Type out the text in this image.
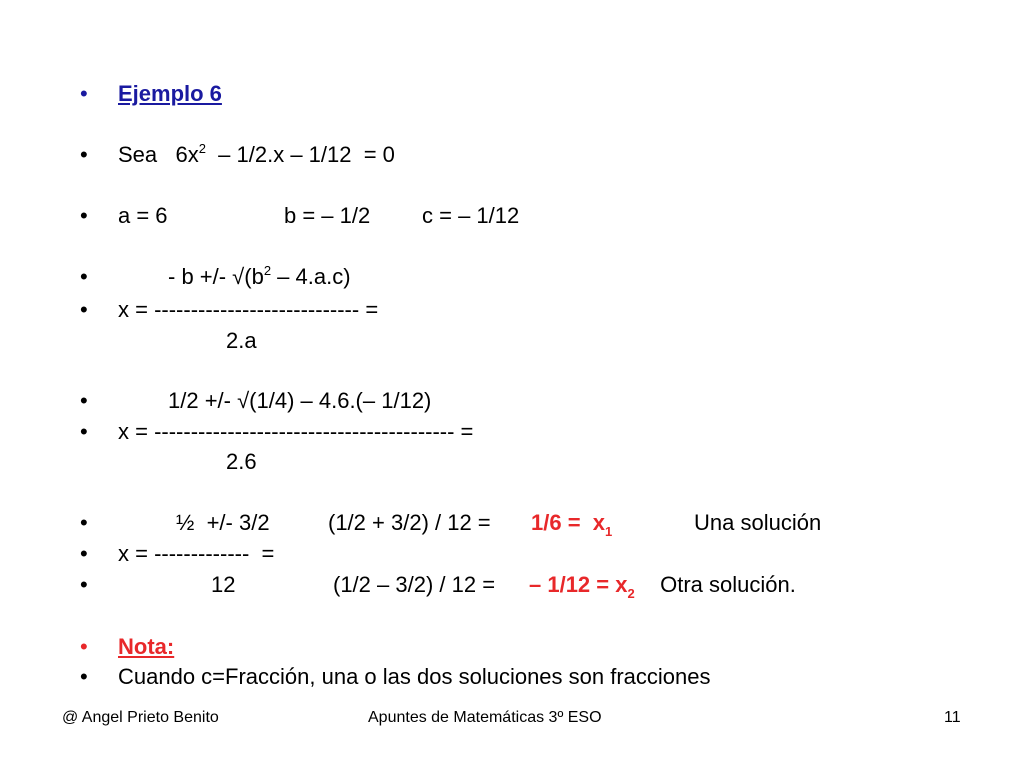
• Ejemplo 6
• Sea   $6x^2 - 1/2.x - 1/12 = 0$
• a = 6	b = – 1/2 c = – 1/12
•	- b +/- $√(b^2 - 4.a.c)$
• x = ---------------------------- =
2.a
•	1/2 +/- √(1/4) – 4.6.(– 1/12)
• x = ----------------------------------------- =
2.6
•	½  +/- 3/2	$(1/2 + 3/2) / 12 = 1/6 = x_1$	Una solución
• x = -------------  =
•	12	(1/2 – 3/2) / 12 = – $1/12 = x_2$ Otra solución.
• Nota:
• Cuando c=Fracción, una o las dos soluciones son fracciones
@ Angel Prieto Benito	Apuntes de Matemáticas 3º ESO	11
